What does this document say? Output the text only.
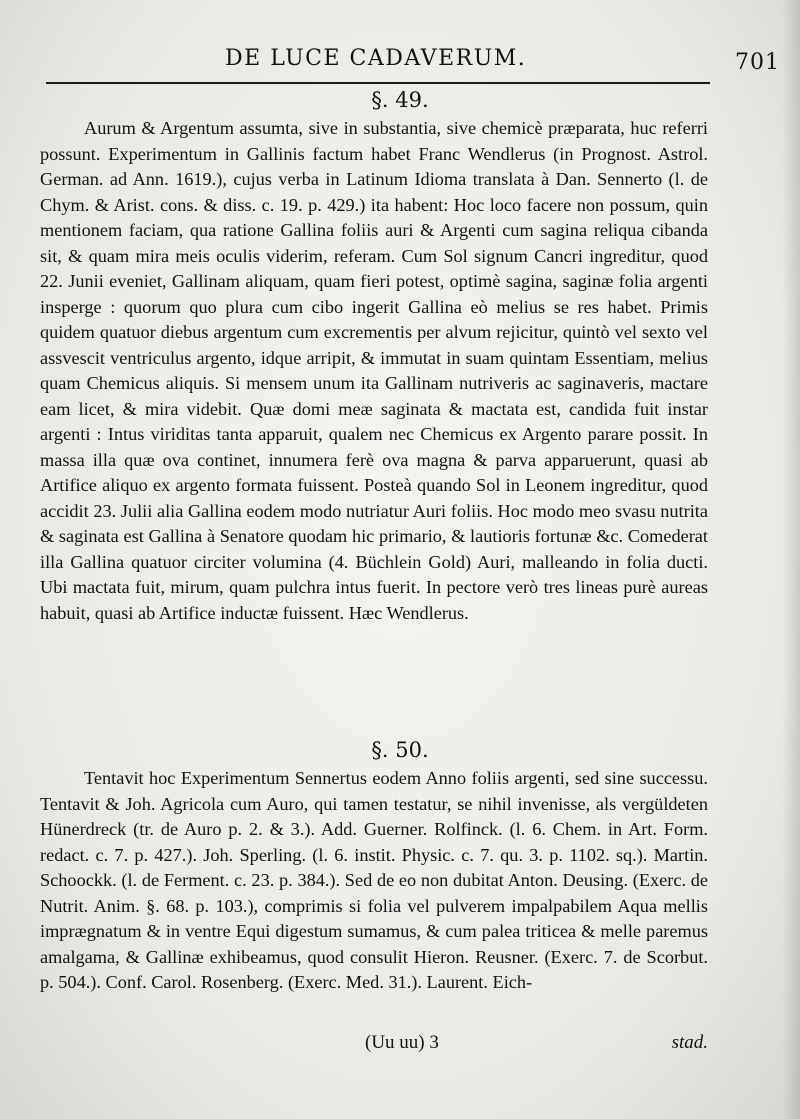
DE LUCE CADAVERUM.	701
§. 49.

Aurum & Argentum assumta, sive in substantia, sive chemicè præparata, huc referri possunt. Experimentum in Gallinis factum habet Franc Wendlerus (in Prognost. Astrol. German. ad Ann. 1619.), cujus verba in Latinum Idioma translata à Dan. Sennerto (l. de Chym. & Arist. cons. & diss. c. 19. p. 429.) ita habent: Hoc loco facere non possum, quin mentionem faciam, qua ratione Gallina foliis auri & Argenti cum sagina reliqua cibanda sit, & quam mira meis oculis viderim, referam. Cum Sol signum Cancri ingreditur, quod 22. Junii eveniet, Gallinam aliquam, quam fieri potest, optimè sagina, saginæ folia argenti insperge : quorum quo plura cum cibo ingerit Gallina eò melius se res habet. Primis quidem quatuor diebus argentum cum excrementis per alvum rejicitur, quintò vel sexto vel assvescit ventriculus argento, idque arripit, & immutat in suam quintam Essentiam, melius quam Chemicus aliquis. Si mensem unum ita Gallinam nutriveris ac saginaveris, mactare eam licet, & mira videbit. Quæ domi meæ saginata & mactata est, candida fuit instar argenti : Intus viriditas tanta apparuit, qualem nec Chemicus ex Argento parare possit. In massa illa quæ ova continet, innumera ferè ova magna & parva apparuerunt, quasi ab Artifice aliquo ex argento formata fuissent. Posteà quando Sol in Leonem ingreditur, quod accidit 23. Julii alia Gallina eodem modo nutriatur Auri foliis. Hoc modo meo svasu nutrita & saginata est Gallina à Senatore quodam hic primario, & lautioris fortunæ &c. Comederat illa Gallina quatuor circiter volumina (4. Büchlein Gold) Auri, malleando in folia ducti. Ubi mactata fuit, mirum, quam pulchra intus fuerit. In pectore verò tres lineas purè aureas habuit, quasi ab Artifice inductæ fuissent. Hæc Wendlerus.

§. 50.

Tentavit hoc Experimentum Sennertus eodem Anno foliis argenti, sed sine successu. Tentavit & Joh. Agricola cum Auro, qui tamen testatur, se nihil invenisse, als vergüldeten Hünerdreck (tr. de Auro p. 2. & 3.). Add. Guerner. Rolfinck. (l. 6. Chem. in Art. Form. redact. c. 7. p. 427.). Joh. Sperling. (l. 6. instit. Physic. c. 7. qu. 3. p. 1102. sq.). Martin. Schoockk. (l. de Ferment. c. 23. p. 384.). Sed de eo non dubitat Anton. Deusing. (Exerc. de Nutrit. Anim. §. 68. p. 103.), comprimis si folia vel pulverem impalpabilem Aqua mellis imprægnatum & in ventre Equi digestum sumamus, & cum palea triticea & melle paremus amalgama, & Gallinæ exhibeamus, quod consulit Hieron. Reusner. (Exerc. 7. de Scorbut. p. 504.). Conf. Carol. Rosenberg. (Exerc. Med. 31.). Laurent. Eich-

(Uu uu) 3	stad.
